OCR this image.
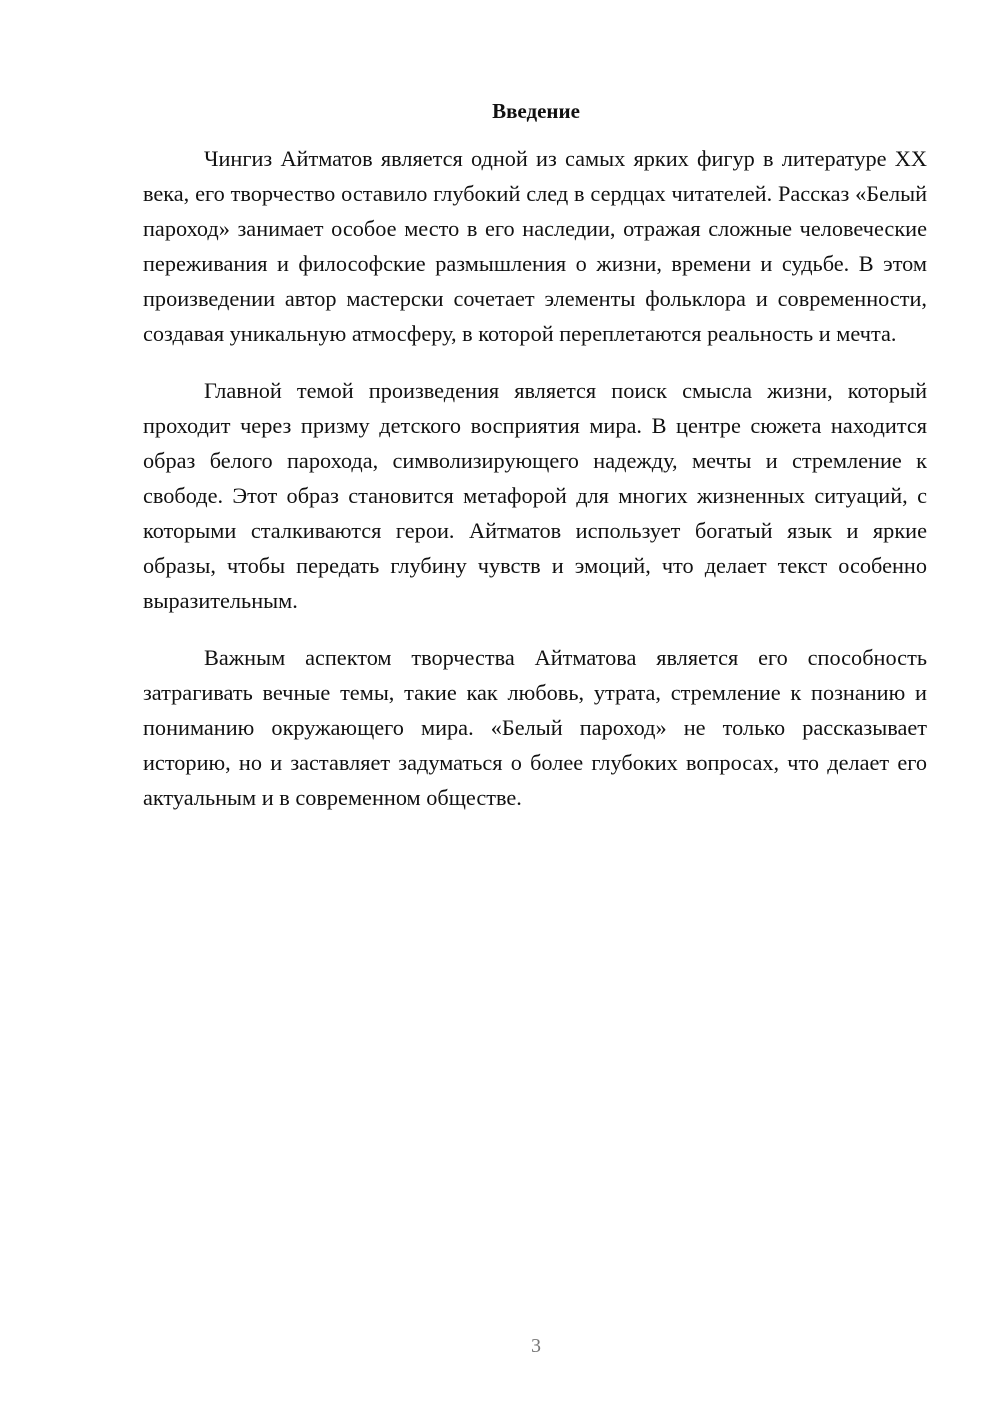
Введение

Чингиз Айтматов является одной из самых ярких фигур в литературе XX века, его творчество оставило глубокий след в сердцах читателей. Рассказ «Белый пароход» занимает особое место в его наследии, отражая сложные человеческие переживания и философские размышления о жизни, времени и судьбе. В этом произведении автор мастерски сочетает элементы фольклора и современности, создавая уникальную атмосферу, в которой переплетаются реальность и мечта.

Главной темой произведения является поиск смысла жизни, который проходит через призму детского восприятия мира. В центре сюжета находится образ белого парохода, символизирующего надежду, мечты и стремление к свободе. Этот образ становится метафорой для многих жизненных ситуаций, с которыми сталкиваются герои. Айтматов использует богатый язык и яркие образы, чтобы передать глубину чувств и эмоций, что делает текст особенно выразительным.

Важным аспектом творчества Айтматова является его способность затрагивать вечные темы, такие как любовь, утрата, стремление к познанию и пониманию окружающего мира. «Белый пароход» не только рассказывает историю, но и заставляет задуматься о более глубоких вопросах, что делает его актуальным и в современном обществе.

3
